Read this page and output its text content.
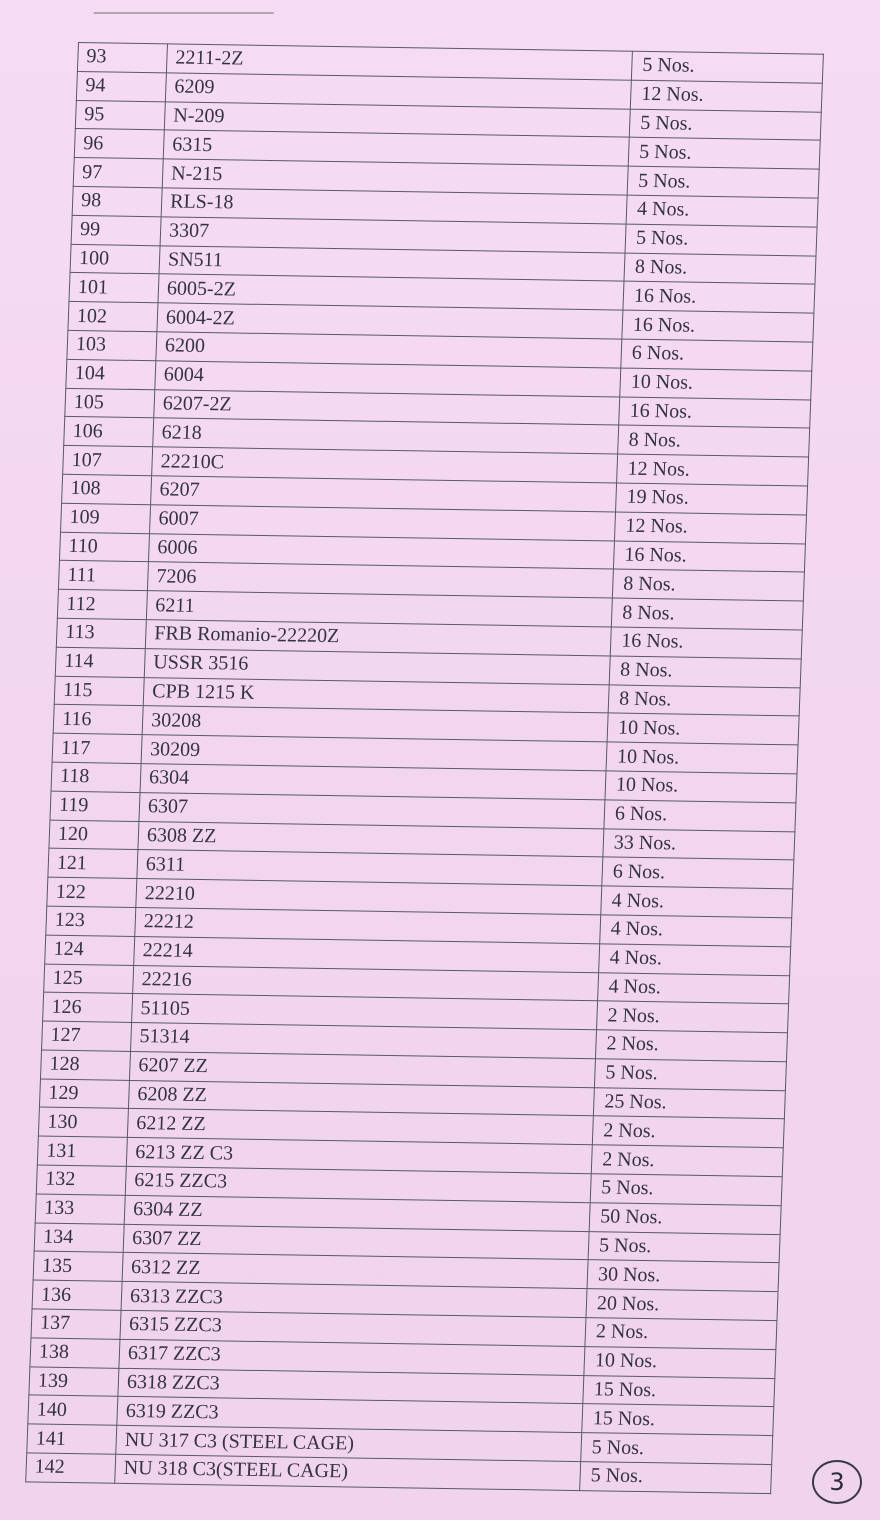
93	2211-2Z	5 Nos.
94	6209	12 Nos.
95	N-209	5 Nos.
96	6315	5 Nos.
97	N-215	5 Nos.
98	RLS-18	4 Nos.
99	3307	5 Nos.
100	SN511	8 Nos.
101	6005-2Z	16 Nos.
102	6004-2Z	16 Nos.
103	6200	6 Nos.
104	6004	10 Nos.
105	6207-2Z	16 Nos.
106	6218	8 Nos.
107	22210C	12 Nos.
108	6207	19 Nos.
109	6007	12 Nos.
110	6006	16 Nos.
111	7206	8 Nos.
112	6211	8 Nos.
113	FRB Romanio-22220Z	16 Nos.
114	USSR 3516	8 Nos.
115	CPB 1215 K	8 Nos.
116	30208	10 Nos.
117	30209	10 Nos.
118	6304	10 Nos.
119	6307	6 Nos.
120	6308 ZZ	33 Nos.
121	6311	6 Nos.
122	22210	4 Nos.
123	22212	4 Nos.
124	22214	4 Nos.
125	22216	4 Nos.
126	51105	2 Nos.
127	51314	2 Nos.
128	6207 ZZ	5 Nos.
129	6208 ZZ	25 Nos.
130	6212 ZZ	2 Nos.
131	6213 ZZ C3	2 Nos.
132	6215 ZZC3	5 Nos.
133	6304 ZZ	50 Nos.
134	6307 ZZ	5 Nos.
135	6312 ZZ	30 Nos.
136	6313 ZZC3	20 Nos.
137	6315 ZZC3	2 Nos.
138	6317 ZZC3	10 Nos.
139	6318 ZZC3	15 Nos.
140	6319 ZZC3	15 Nos.
141	NU 317 C3 (STEEL CAGE)	5 Nos.
142	NU 318 C3(STEEL CAGE)	5 Nos.	3
